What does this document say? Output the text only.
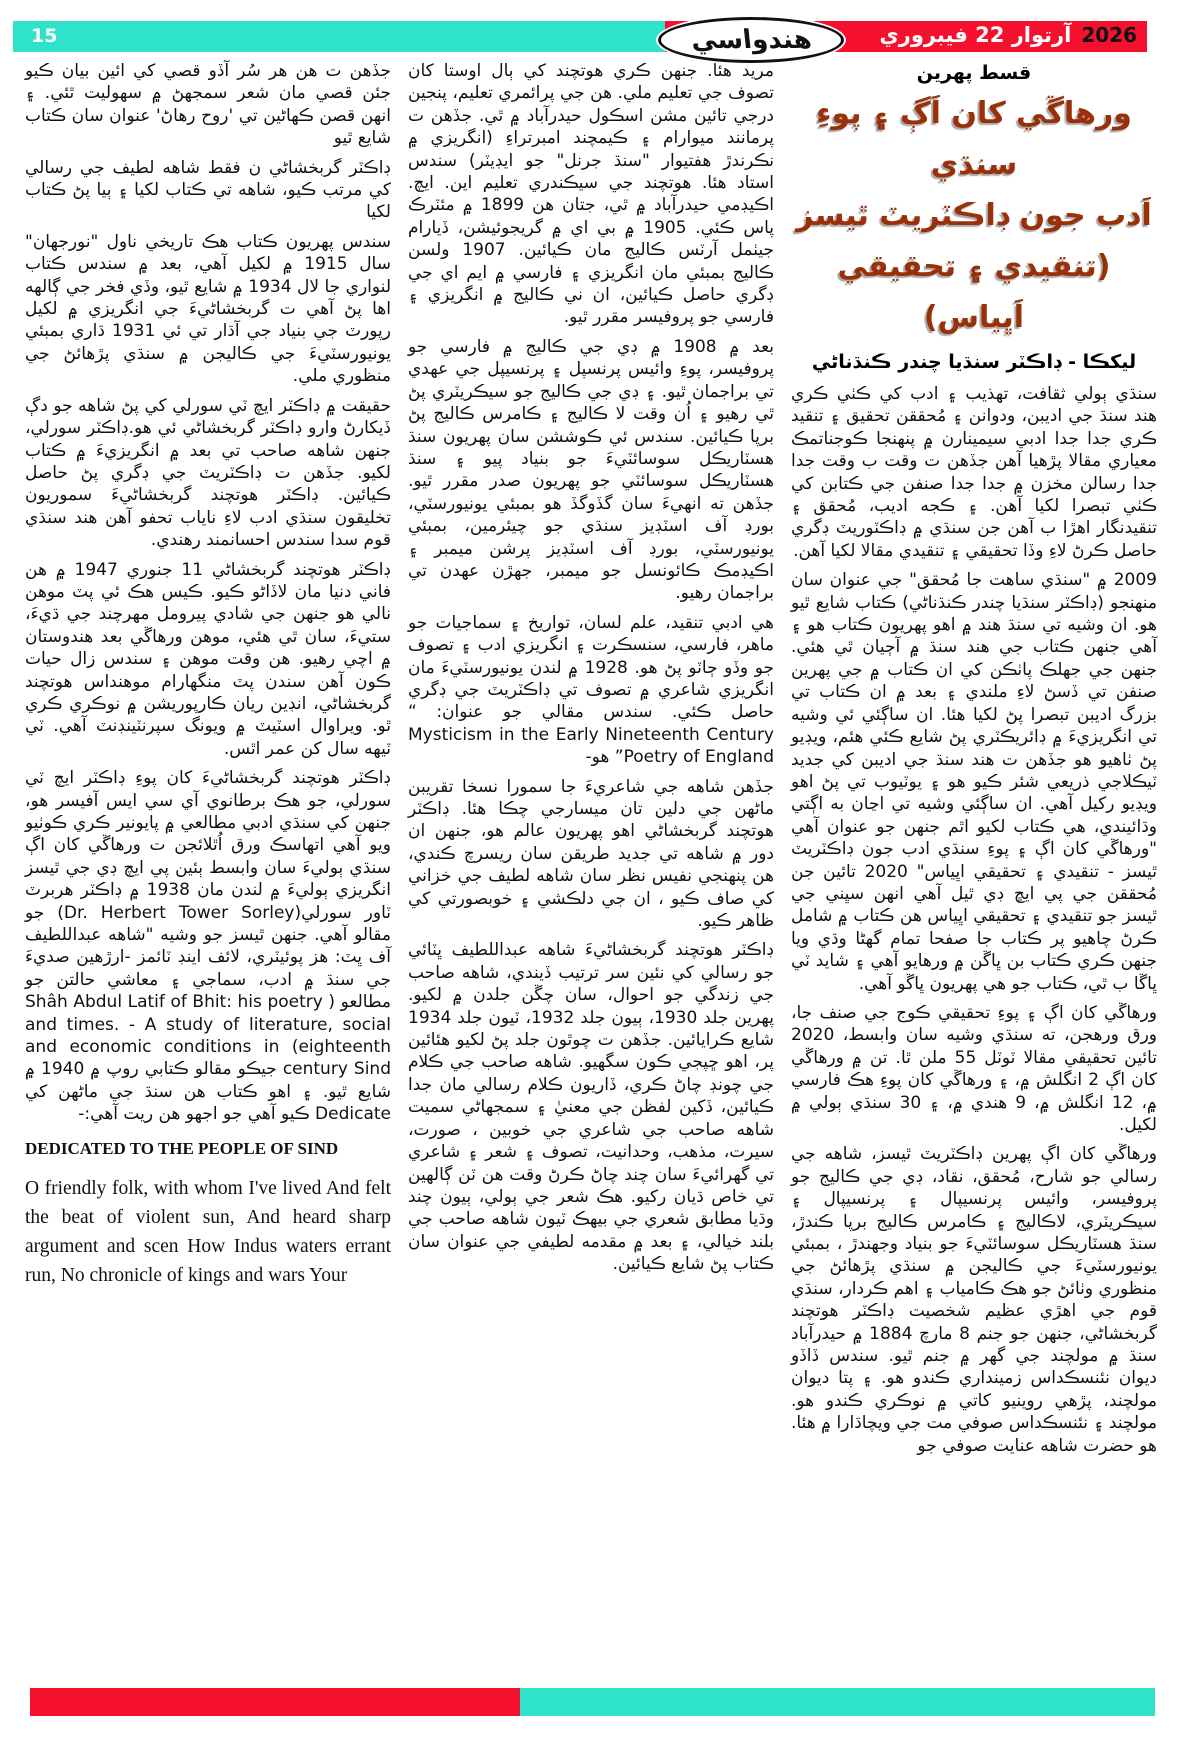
15	2026
آرتوار 22 فيبروري
هندواسي
قسط پهرين
ورهاڱي کان اَڳ ۽ پوءِ سنڌي
اَدب جون ڊاڪٽريٽ ٿيسز
(تنقيدي ۽ تحقيقي اَڀياس)
ليکڪا - ڊاڪٽر سنڌيا چندر ڪنڌناڻي

سنڌي ٻولي ثقافت، تهذيب ۽ ادب کي ڪٺي ڪري هند سنڌ جي اديبن، ودوانن ۽ مُحققن تحقيق ۽ تنقيد ڪري جدا جدا ادبي سيمينارن ۾ پنهنجا ڪوجناتمڪ معياري مقالا پڙهيا آهن جڏهن ت وقت ب وقت جدا جدا رسالن مخزن ۾ جدا جدا صنفن جي ڪتابن کي ڪٺي تبصرا لکيا آهن. ۽ ڪجه اديب، مُحقق ۽ تنقيدنگار اهڙا ب آهن جن سنڌي ۾ ڊاڪٽوريٽ ڊگري حاصل ڪرڻ لاءِ وڏا تحقيقي ۽ تنقيدي مقالا لکيا آهن.

2009 ۾ "سنڌي ساهت جا مُحقق" جي عنوان سان منهنجو (ڊاڪٽر سنڌيا چندر ڪنڌناڻي) ڪتاب شايع ٿيو هو. ان وشيه تي سنڌ هند ۾ اهو پهريون ڪتاب هو ۽ آهي جنهن ڪتاب جي هند سنڌ ۾ آڄيان ٿي هئي. جنهن جي جهلڪ پاٺڪن کي ان ڪتاب ۾ جي پهرين صنفن تي ڏسڻ لاءِ ملندي ۽ بعد ۾ ان ڪتاب تي بزرگ اديبن تبصرا پڻ لکيا هئا. ان ساڳئي ئي وشيه تي انگريزيءَ ۾ ڊائريڪٽري پڻ شايع ڪئي هئم، ويڊيو پڻ ٺاهيو هو جڏهن ت هند سنڌ جي اديبن کي جديد ٽيڪلاجي ذريعي شئر ڪيو هو ۽ يوٽيوب تي پڻ اهو ويڊيو رکيل آهي. ان ساڳئي وشيه تي اڃان به اڳتي وڌائيندي، هي ڪتاب لکيو اٿم جنهن جو عنوان آهي "ورهاڱي کان اڳ ۽ پوءِ سنڌي ادب جون ڊاڪٽريٽ ٿيسز - تنقيدي ۽ تحقيقي اڀياس" 2020 تائين جن مُحققن جي پي ايڇ ڊي ٿيل آهي انهن سڀني جي ٿيسز جو تنقيدي ۽ تحقيقي اڀياس هن ڪتاب ۾ شامل ڪرڻ چاهيو پر ڪتاب جا صفحا تمام گهڻا وڌي ويا جنهن ڪري ڪتاب بن ڀاڱن ۾ ورهايو آهي ۽ شايد ٽي ڀاڱا ب ٿي، ڪتاب جو هي پهريون ڀاڱو آهي.

ورهاڱي کان اڳ ۽ پوءِ تحقيقي ڪوج جي صنف جا، ورق ورهجن، ته سنڌي وشيه سان وابسط، 2020 تائين تحقيقي مقالا ٽوٽل 55 ملن ٿا. تن ۾ ورهاڱي کان اڳ 2 انگلش ۾، ۽ ورهاڱي کان پوءِ هڪ فارسي ۾، 12 انگلش ۾، 9 هندي ۾، ۽ 30 سنڌي ٻولي ۾ لکيل.

ورهاڱي کان اڳ پهرين ڊاڪٽريٽ ٿيسز، شاهه جي رسالي جو شارح، مُحقق، نقاد، ڊي جي ڪاليج جو پروفيسر، وائيس پرنسيپال ۽ پرنسيپال ۽ سيڪريٽري، لاڪاليج ۽ ڪامرس ڪاليج برپا ڪندڙ، سنڌ هسٽاريڪل سوسائٽيءَ جو بنياد وجهندڙ ، بمبئي يونيورسٽيءَ جي ڪاليجن ۾ سنڌي پڙهائڻ جي منظوري وٺائڻ جو هڪ ڪامياب ۽ اهم ڪردار، سنڌي قوم جي اهڙي عظيم شخصيت ڊاڪٽر هوتچند گربخشاڻي، جنهن جو جنم 8 مارچ 1884 ۾ حيدرآباد سنڌ ۾ مولچند جي گهر ۾ جنم ٿيو. سندس ڏاڏو ديوان نئنسڪداس زمينداري ڪندو هو. ۽ پتا ديوان مولچند، پڙهي روينيو کاتي ۾ نوڪري ڪندو هو. مولچند ۽ نئنسڪداس صوفي مت جي ويچاڌارا ۾ هئا. هو حضرت شاهه عنايت صوفي جو

مريد هئا. جنهن ڪري هوتچند کي ٻال اوستا کان تصوف جي تعليم ملي. هن جي پرائمري تعليم، پنجين درجي تائين مشن اسڪول حيدرآباد ۾ ٿي. جڏهن ت پرمانند ميوارام ۽ ڪيمچند امبرتراءِ (انگريزي ۾ نڪرندڙ هفتيوار "سنڌ جرنل" جو ايڊيٽر) سندس استاد هئا. هوتچند جي سيڪندري تعليم اين. ايچ. اڪيڊمي حيدرآباد ۾ ٿي، جتان هن 1899 ۾ مئٽرڪ پاس ڪئي. 1905 ۾ بي اي ۾ گريجوئيشن، ڏيارام جيٺمل آرٽس ڪاليج مان ڪيائين. 1907 ولسن ڪاليج بمبئي مان انگريزي ۽ فارسي ۾ ايم اي جي ڊگري حاصل ڪيائين، ان ني ڪاليج ۾ انگريزي ۽ فارسي جو پروفيسر مقرر ٿيو.

بعد ۾ 1908 ۾ ڊي جي ڪاليج ۾ فارسي جو پروفيسر، پوءِ وائيس پرنسپل ۽ پرنسيپل جي عهدي تي براجمان ٿيو. ۽ ڊي جي ڪاليج جو سيڪريٽري پڻ ٿي رهيو ۽ اُن وقت لا ڪاليج ۽ ڪامرس ڪاليج پڻ برپا ڪيائين. سندس ئي ڪوششن سان پهريون سنڌ هسٽاريڪل سوسائٽيءَ جو بنياد پيو ۽ سنڌ هسٽاريڪل سوسائٽي جو پهريون صدر مقرر ٿيو. جڏهن ته انهيءَ سان گڏوگڏ هو بمبئي يونيورسٽي، بورڊ آف اسٽڊيز سنڌي جو چيئرمين، بمبئي يونيورسٽي، بورڊ آف اسٽڊيز پرشن ميمبر ۽ اڪيڊمڪ ڪائونسل جو ميمبر، جهڙن عهدن تي براجمان رهيو.

هي ادبي تنقيد، علم لسان، تواريخ ۽ سماجيات جو ماهر، فارسي، سنسڪرت ۽ انگريزي ادب ۽ تصوف جو وڏو ڄاٽو پڻ هو. 1928 ۾ لندن يونيورسٽيءَ مان انگريزي شاعري ۾ تصوف تي ڊاڪٽريٽ جي ڊگري حاصل ڪئي. سندس مقالي جو عنوان: “ Mysticism in the Early Nineteenth Century Poetry of England” هو-

جڏهن شاهه جي شاعريءَ جا سمورا نسخا تقريبن ماڻهن جي دلين تان ميسارجي چڪا هئا. ڊاڪٽر هوتچند گربخشاڻي اهو پهريون عالم هو، جنهن ان دور ۾ شاهه تي جديد طريقن سان ريسرچ ڪندي، هن پنهنجي نفيس نظر سان شاهه لطيف جي خزاني کي صاف ڪيو ، ان جي دلڪشي ۽ خوبصورتي کي ظاهر ڪيو.

ڊاڪٽر هوتچند گربخشاڻيءَ شاهه عبداللطيف ڀٽائي جو رسالي کي نئين سر ترتيب ڏيندي، شاهه صاحب جي زندگي جو احوال، سان چڱن جلدن ۾ لکيو. پهرين جلد 1930، ٻيون جلد 1932، ٽيون جلد 1934 شايع ڪرايائين. جڏهن ت چوٿون جلد پڻ لکيو هئائين پر، اهو ڇپجي ڪون سگهيو. شاهه صاحب جي ڪلام جي چونڊ چاڻ ڪري، ڏاريون ڪلام رسالي مان جدا ڪيائين، ڏکين لفظن جي معنيٰ ۽ سمجهاڻي سميت شاهه صاحب جي شاعري جي خوبين ، صورت، سيرت، مذهب، وحدانيت، تصوف ۽ شعر ۽ شاعري تي گهرائيءَ سان چند چاڻ ڪرڻ وقت هن ٽن ڳالهين تي خاص ڌيان رکيو. هڪ شعر جي ٻولي، ٻيون چند وڌيا مطابق شعري جي بيهڪ ٽيون شاهه صاحب جي بلند خيالي، ۽ بعد ۾ مقدمه لطيفي جي عنوان سان ڪتاب پڻ شايع ڪيائين.

جڏهن ت هن هر سُر آڏو قصي کي ائين بيان ڪيو جئن قصي مان شعر سمجهڻ ۾ سهوليت ٿئي. ۽ انهن قصن ڪهاڻين تي 'روح رهاڻ' عنوان سان ڪتاب شايع ٿيو

ڊاڪٽر گربخشاڻي ن فقط شاهه لطيف جي رسالي کي مرتب ڪيو، شاهه تي ڪتاب لکيا ۽ ٻيا پڻ ڪتاب لکيا

سندس پهريون ڪتاب هڪ تاريخي ناول "نورجهان" سال 1915 ۾ لکيل آهي، بعد ۾ سندس ڪتاب لنواري جا لال 1934 ۾ شايع ٿيو، وڏي فخر جي ڳالهه اها پڻ آهي ت گربخشاڻيءَ جي انگريزي ۾ لکيل رپورٽ جي بنياد جي آڌار تي ئي 1931 ڌاري بمبئي يونيورسٽيءَ جي ڪاليجن ۾ سنڌي پڙهائڻ جي منظوري ملي.

حقيقت ۾ ڊاڪٽر ايچ ٽي سورلي کي پڻ شاهه جو دڳ ڏيکارڻ وارو ڊاڪٽر گربخشاڻي ئي هو.ڊاڪٽر سورلي، جنهن شاهه صاحب تي بعد ۾ انگريزيءَ ۾ ڪتاب لکيو. جڏهن ت ڊاڪٽريٽ جي ڊگري پڻ حاصل ڪيائين. ڊاڪٽر هوتچند گربخشاڻيءَ سموريون تخليقون سنڌي ادب لاءِ ناياب تحفو آهن هند سنڌي قوم سدا سندس احسانمند رهندي.

ڊاڪٽر هوتچند گربخشاڻي 11 جنوري 1947 ۾ هن فاني دنيا مان لاڏاڻو ڪيو. ڪيس هڪ ئي پٽ موهن نالي هو جنهن جي شادي پيرومل مهرچند جي ڌيءَ، ستيءَ، سان ٿي هئي، موهن ورهاڱي بعد هندوستان ۾ اچي رهيو. هن وقت موهن ۽ سندس زال حيات ڪون آهن سندن پٽ منگهارام موهنداس هوتچند گربخشاڻي، انڊين ريان ڪارپوريشن ۾ نوڪري ڪري ٿو. ويراوال اسٽيٽ ۾ ويونگ سپرنٽينڊنٽ آهي. ٽي ٽيهه سال کن عمر اٿس.

ڊاڪٽر هوتچند گربخشاڻيءَ کان پوءِ ڊاڪٽر ايچ ٽي سورلي، جو هڪ برطانوي آي سي ايس آفيسر هو، جنهن کي سنڌي ادبي مطالعي ۾ پايونير ڪري ڪوٺيو ويو آهي اتهاسڪ ورق اُٿلائجن ت ورهاڱي کان اڳ سنڌي ٻوليءَ سان وابسط ٻئين پي ايچ ڊي جي ٿيسز انگريزي ٻوليءَ ۾ لندن مان 1938 ۾ ڊاڪٽر هربرٽ ٽاور سورلي(Dr. Herbert Tower Sorley) جو مقالو آهي. جنهن ٿيسز جو وشيه "شاهه عبداللطيف آف ڀٽ: هز پوئيٽري، لائف اينڊ ٽائمز -ارڙهين صديءَ جي سنڌ ۾ ادب، سماجي ۽ معاشي حالتن جو مطالعو ( Shâh Abdul Latif of Bhit: his poetry and times. - A study of literature, social and economic conditions in (eighteenth century Sind جيڪو مقالو ڪتابي روپ ۾ 1940 ۾ شايع ٿيو. ۽ اهو ڪتاب هن سنڌ جي ماڻهن کي Dedicate ڪيو آهي جو اجهو هن ريت آهي:-

DEDICATED TO THE PEOPLE OF SIND

O friendly folk, with whom I've lived And felt the beat of violent sun, And heard sharp argument and scen How Indus waters errant run, No chronicle of kings and wars Your
